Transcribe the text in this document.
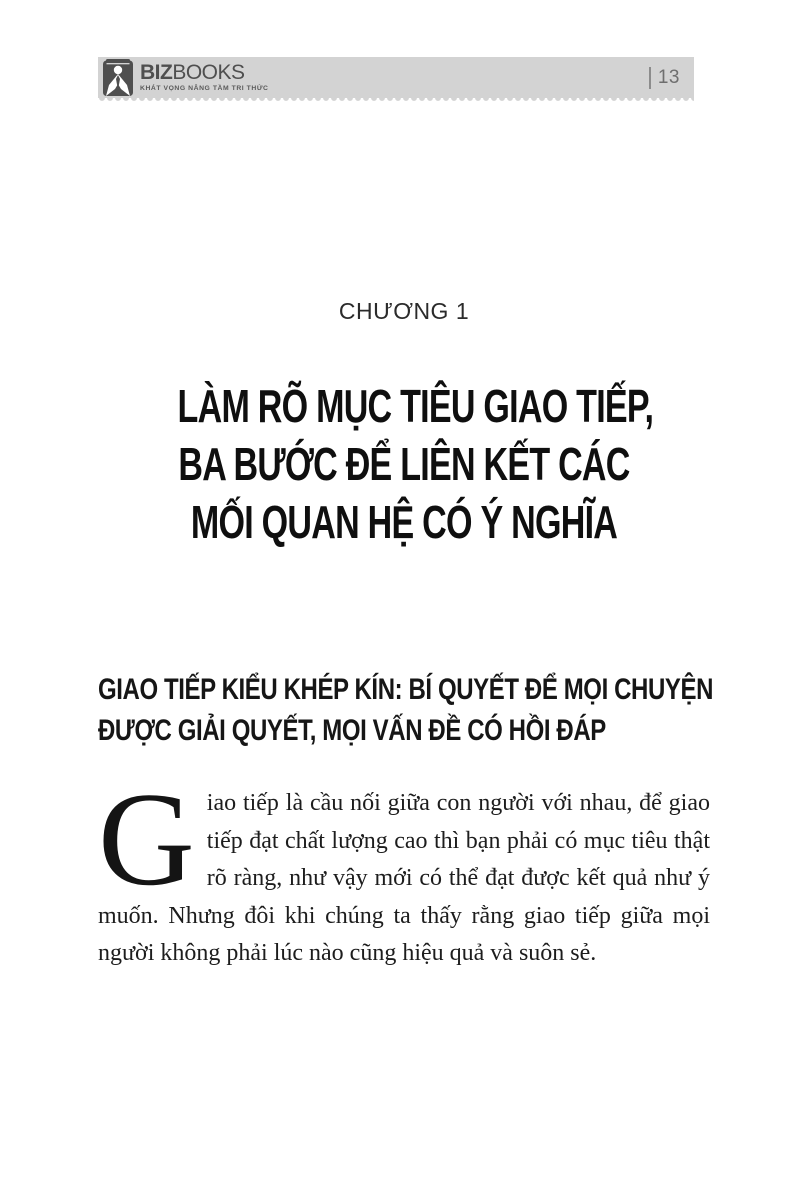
BIZBOOKS
KHÁT VỌNG NÂNG TẦM TRI THỨC
13
CHƯƠNG 1
LÀM RÕ MỤC TIÊU GIAO TIẾP,
BA BƯỚC ĐỂ LIÊN KẾT CÁC
MỐI QUAN HỆ CÓ Ý NGHĨA
GIAO TIẾP KIỂU KHÉP KÍN: BÍ QUYẾT ĐỂ MỌI CHUYỆN
ĐƯỢC GIẢI QUYẾT, MỌI VẤN ĐỀ CÓ HỒI ĐÁP

Giao tiếp là cầu nối giữa con người với nhau, để giao tiếp đạt chất lượng cao thì bạn phải có mục tiêu thật rõ ràng, như vậy mới có thể đạt được kết quả như ý muốn. Nhưng đôi khi chúng ta thấy rằng giao tiếp giữa mọi người không phải lúc nào cũng hiệu quả và suôn sẻ.
